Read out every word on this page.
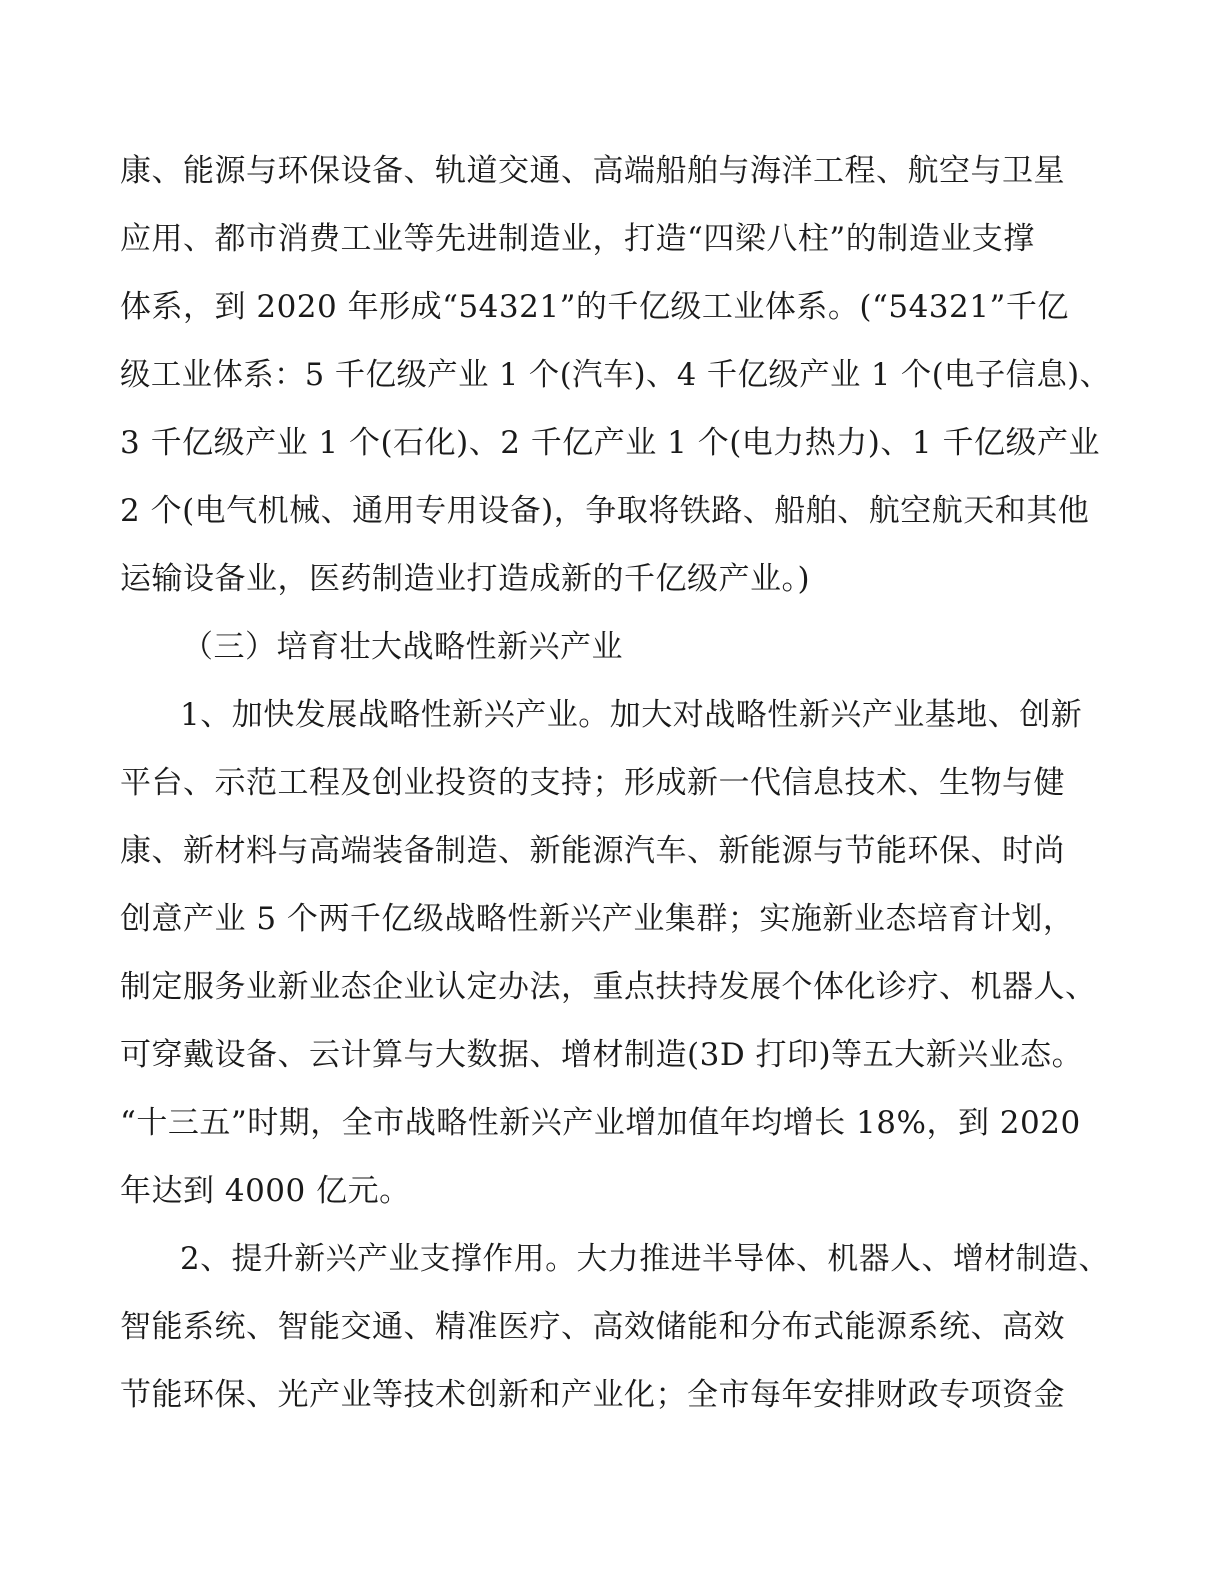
康、能源与环保设备、轨道交通、高端船舶与海洋工程、航空与卫星
应用、都市消费工业等先进制造业，打造“四梁八柱”的制造业支撑
体系，到 2020 年形成“54321”的千亿级工业体系。(“54321”千亿
级工业体系：5 千亿级产业 1 个(汽车)、4 千亿级产业 1 个(电子信息)、
3 千亿级产业 1 个(石化)、2 千亿产业 1 个(电力热力)、1 千亿级产业
2 个(电气机械、通用专用设备)，争取将铁路、船舶、航空航天和其他
运输设备业，医药制造业打造成新的千亿级产业。)
（三）培育壮大战略性新兴产业
1、加快发展战略性新兴产业。加大对战略性新兴产业基地、创新
平台、示范工程及创业投资的支持；形成新一代信息技术、生物与健
康、新材料与高端装备制造、新能源汽车、新能源与节能环保、时尚
创意产业 5 个两千亿级战略性新兴产业集群；实施新业态培育计划，
制定服务业新业态企业认定办法，重点扶持发展个体化诊疗、机器人、
可穿戴设备、云计算与大数据、增材制造(3D 打印)等五大新兴业态。
“十三五”时期，全市战略性新兴产业增加值年均增长 18%，到 2020
年达到 4000 亿元。
2、提升新兴产业支撑作用。大力推进半导体、机器人、增材制造、
智能系统、智能交通、精准医疗、高效储能和分布式能源系统、高效
节能环保、光产业等技术创新和产业化；全市每年安排财政专项资金
